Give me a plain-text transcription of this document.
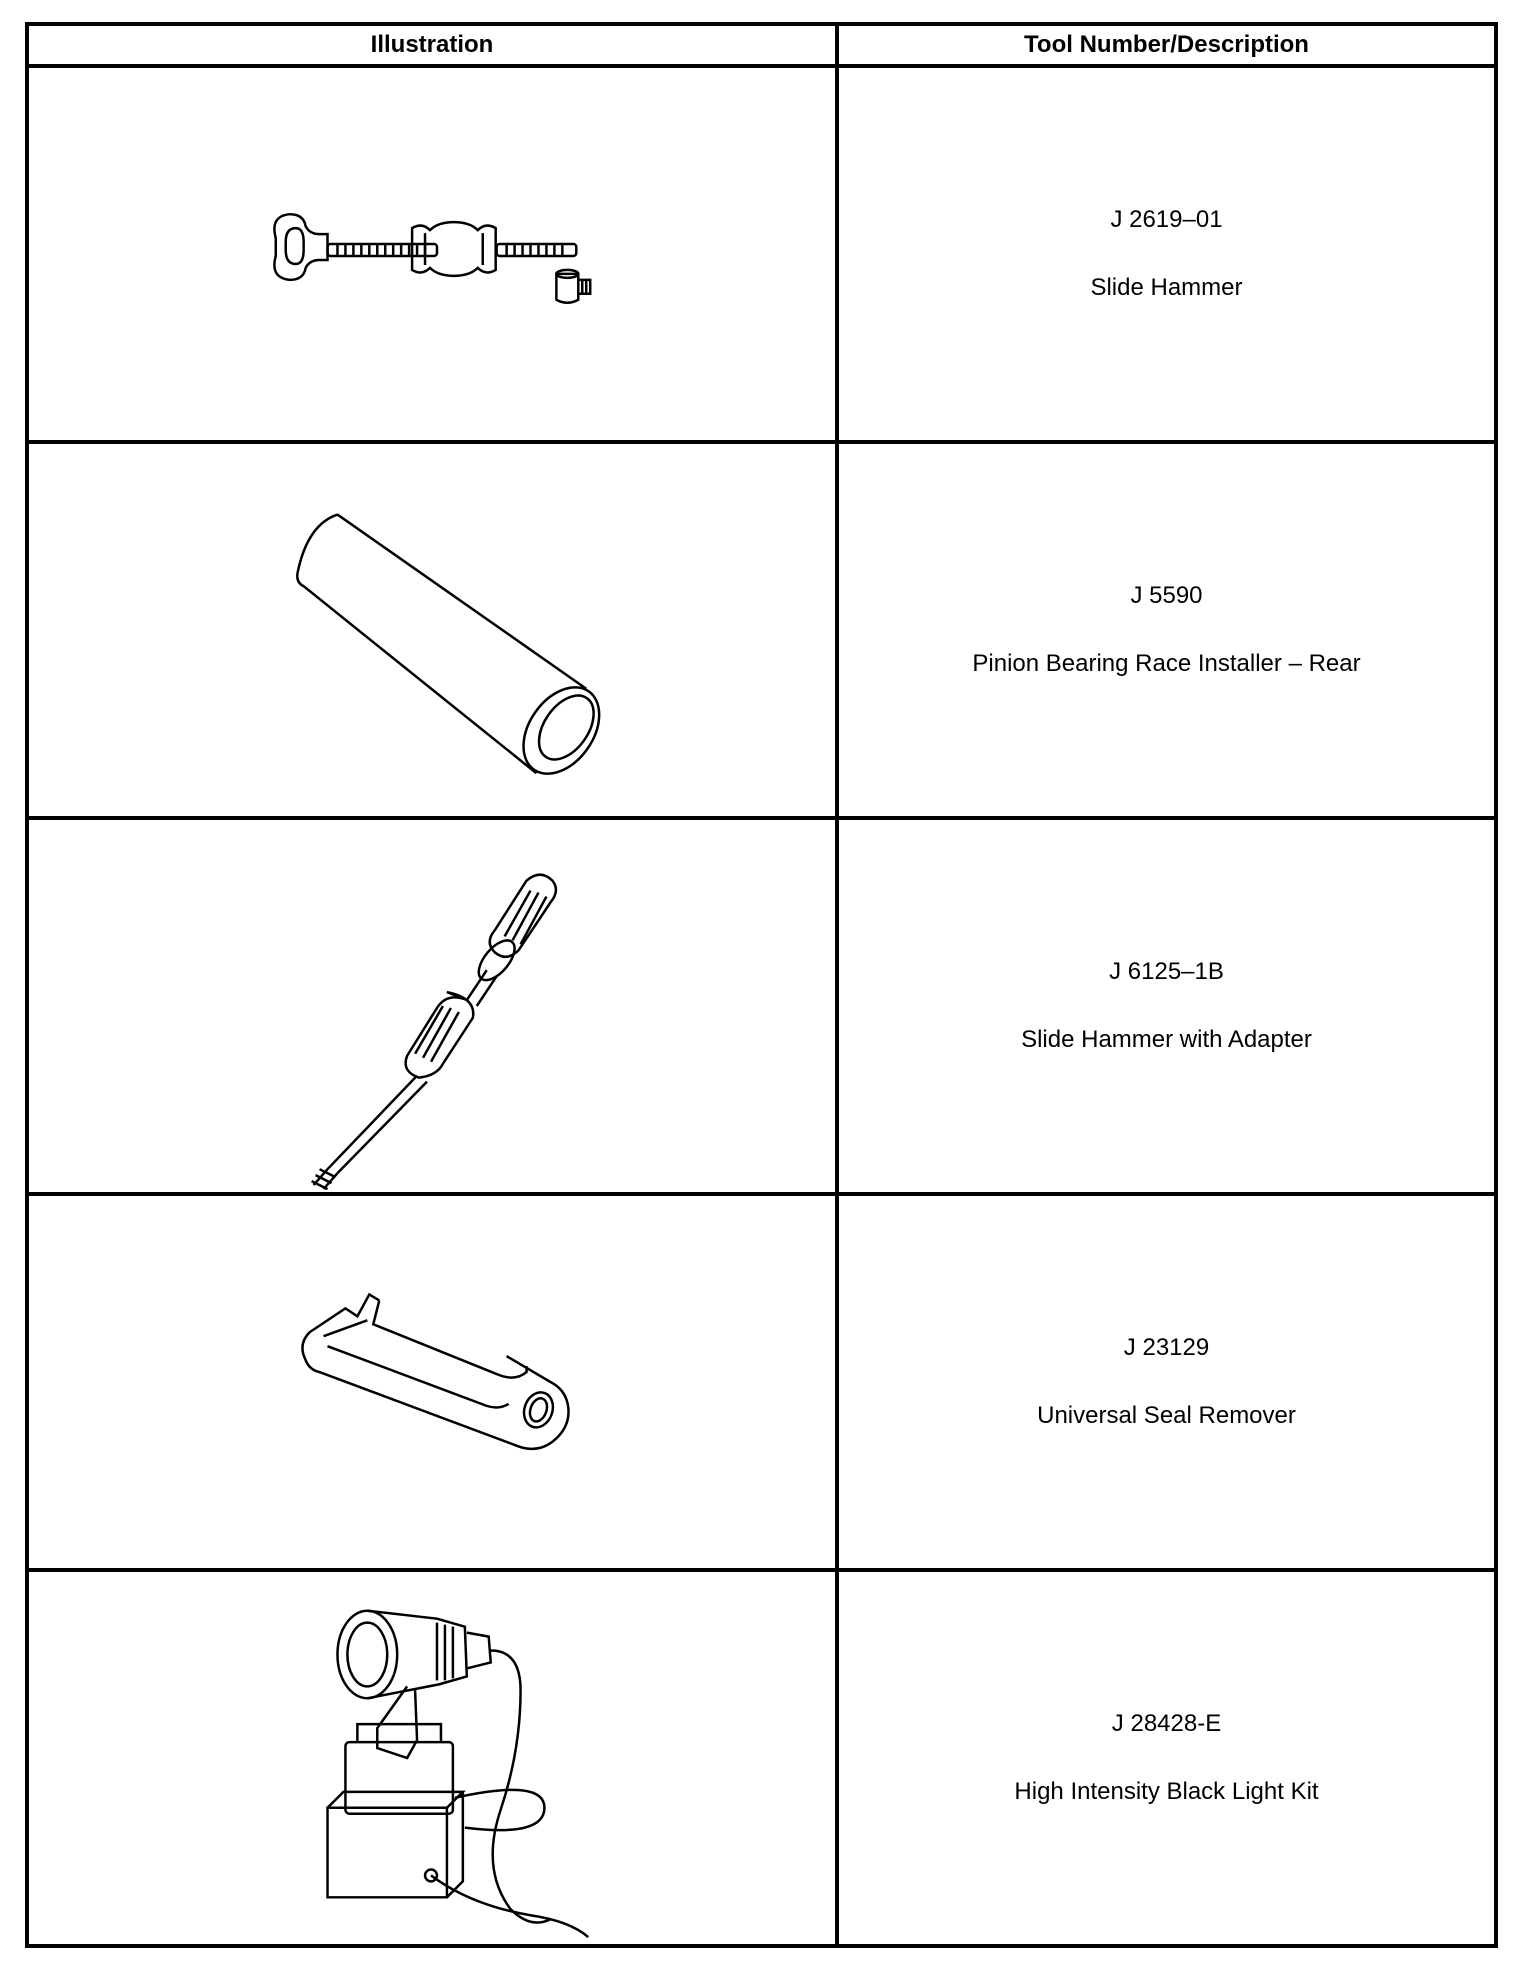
Illustration	Tool Number/Description

J 2619–01
Slide Hammer

J 5590
Pinion Bearing Race Installer – Rear

J 6125–1B
Slide Hammer with Adapter

J 23129
Universal Seal Remover

J 28428-E
High Intensity Black Light Kit
